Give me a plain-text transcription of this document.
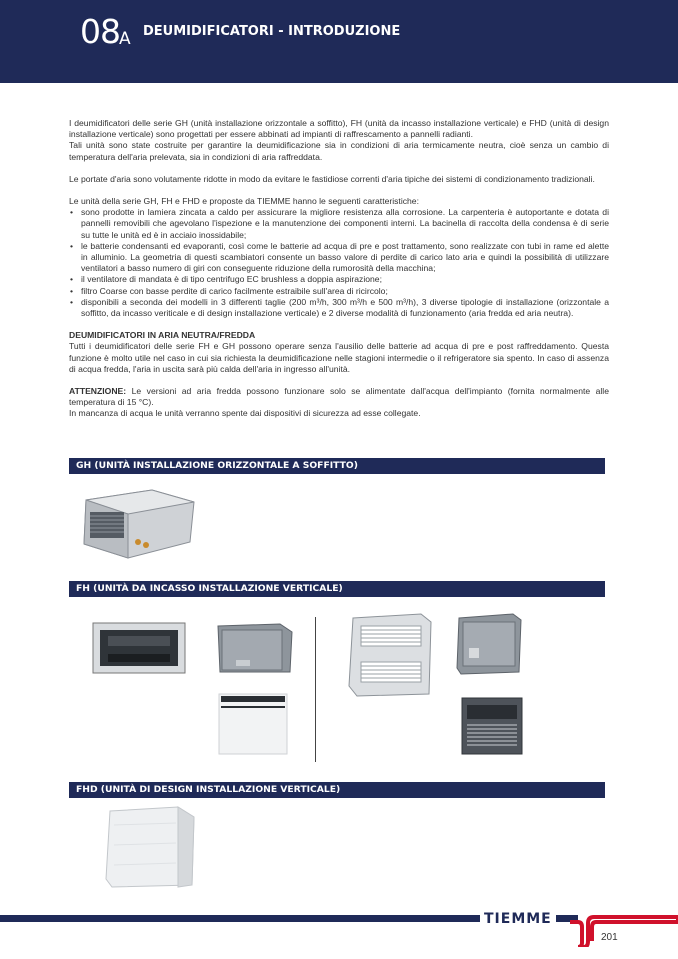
08 A DEUMIDIFICATORI - INTRODUZIONE

I deumidificatori delle serie GH (unità installazione orizzontale a soffitto), FH (unità da incasso installazione verticale) e FHD (unità di design installazione verticale) sono progettati per essere abbinati ad impianti di raffrescamento a pannelli radianti.

Tali unità sono state costruite per garantire la deumidificazione sia in condizioni di aria termicamente neutra, cioè senza un cambio di temperatura dell'aria prelevata, sia in condizioni di aria raffreddata.

Le portate d'aria sono volutamente ridotte in modo da evitare le fastidiose correnti d'aria tipiche dei sistemi di condizionamento tradizionali.

Le unità della serie GH, FH e FHD e proposte da TIEMME hanno le seguenti caratteristiche:

• sono prodotte in lamiera zincata a caldo per assicurare la migliore resistenza alla corrosione. La carpenteria è autoportante e dotata di pannelli removibili che agevolano l'ispezione e la manutenzione dei componenti interni. La bacinella di raccolta della condensa è di serie su tutte le unità ed è in acciaio inossidabile;
• le batterie condensanti ed evaporanti, così come le batterie ad acqua di pre e post trattamento, sono realizzate con tubi in rame ed alette in alluminio. La geometria di questi scambiatori consente un basso valore di perdite di carico lato aria e quindi la possibilità di utilizzare ventilatori a basso numero di giri con conseguente riduzione della rumorosità della macchina;
• il ventilatore di mandata è di tipo centrifugo EC brushless a doppia aspirazione;
• filtro Coarse con basse perdite di carico facilmente estraibile sull'area di ricircolo;
• disponibili a seconda dei modelli in 3 differenti taglie (200 m³/h, 300 m³/h e 500 m³/h), 3 diverse tipologie di installazione (orizzontale a soffitto, da incasso veriticale e di design installazione verticale) e 2 diverse modalità di funzionamento (aria fredda ed aria neutra).

DEUMIDIFICATORI IN ARIA NEUTRA/FREDDA

Tutti i deumidificatori delle serie FH e GH possono operare senza l'ausilio delle batterie ad acqua di pre e post raffreddamento. Questa funzione è molto utile nel caso in cui sia richiesta la deumidificazione nelle stagioni intermedie o il refrigeratore sia spento. In caso di assenza di acqua fredda, l'aria in uscita sarà più calda dell'aria in ingresso all'unità.

ATTENZIONE: Le versioni ad aria fredda possono funzionare solo se alimentate dall'acqua dell'impianto (fornita normalmente alle temperatura di 15 °C).

In mancanza di acqua le unità verranno spente dai dispositivi di sicurezza ad esse collegate.

GH (UNITÀ INSTALLAZIONE ORIZZONTALE A SOFFITTO)
FH (UNITÀ DA INCASSO INSTALLAZIONE VERTICALE)
FHD (UNITÀ DI DESIGN INSTALLAZIONE VERTICALE)
TIEMME
201
